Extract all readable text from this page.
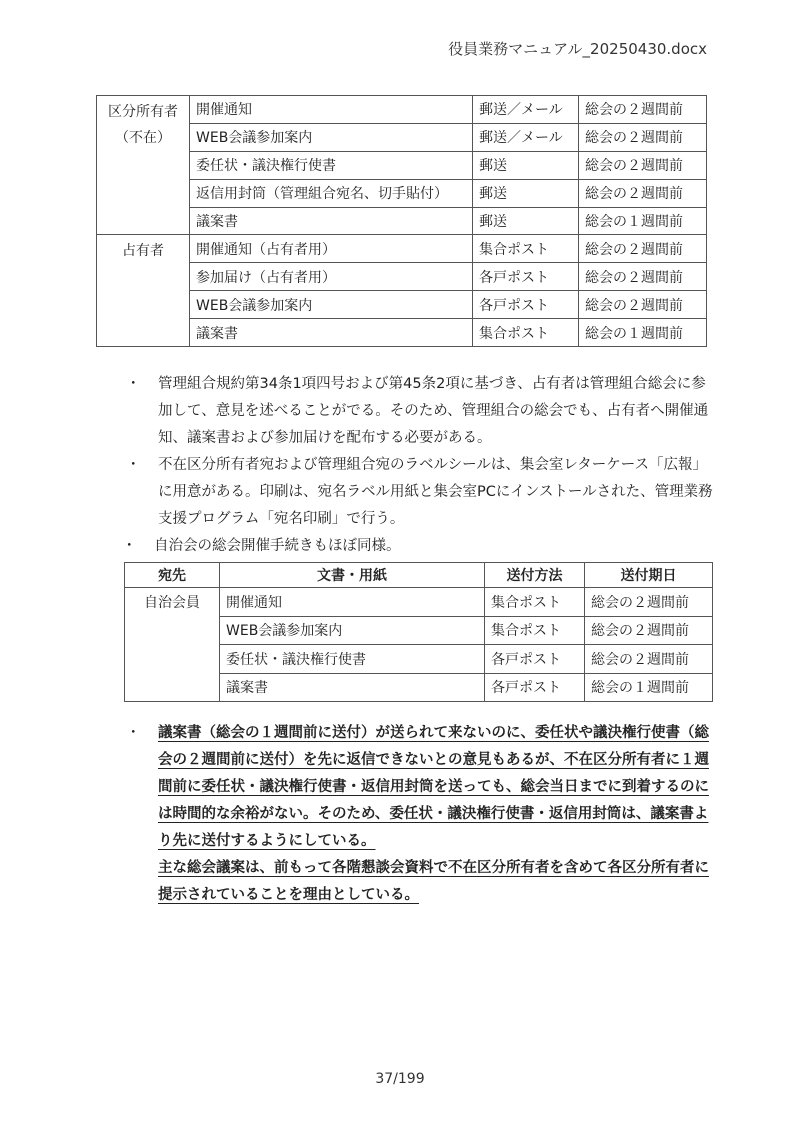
役員業務マニュアル_20250430.docx
区分所有者
（不在）	開催通知	郵送／メール	総会の２週間前
	WEB会議参加案内	郵送／メール	総会の２週間前
	委任状・議決権行使書	郵送	総会の２週間前
	返信用封筒（管理組合宛名、切手貼付）	郵送	総会の２週間前
	議案書	郵送	総会の１週間前
占有者	開催通知（占有者用）	集合ポスト	総会の２週間前
	参加届け（占有者用）	各戸ポスト	総会の２週間前
	WEB会議参加案内	各戸ポスト	総会の２週間前
	議案書	集合ポスト	総会の１週間前
・	管理組合規約第34条1項四号および第45条2項に基づき、占有者は管理組合総会に参加して、意見を述べることがでる。そのため、管理組合の総会でも、占有者へ開催通知、議案書および参加届けを配布する必要がある。
・	不在区分所有者宛および管理組合宛のラベルシールは、集会室レターケース「広報」に用意がある。印刷は、宛名ラベル用紙と集会室PCにインストールされた、管理業務支援プログラム「宛名印刷」で行う。
・	自治会の総会開催手続きもほぼ同様。
宛先	文書・用紙	送付方法	送付期日
自治会員	開催通知	集合ポスト	総会の２週間前
	WEB会議参加案内	集合ポスト	総会の２週間前
	委任状・議決権行使書	各戸ポスト	総会の２週間前
	議案書	各戸ポスト	総会の１週間前
・	議案書（総会の１週間前に送付）が送られて来ないのに、委任状や議決権行使書（総会の２週間前に送付）を先に返信できないとの意見もあるが、不在区分所有者に１週間前に委任状・議決権行使書・返信用封筒を送っても、総会当日までに到着するのには時間的な余裕がない。そのため、委任状・議決権行使書・返信用封筒は、議案書より先に送付するようにしている。
主な総会議案は、前もって各階懇談会資料で不在区分所有者を含めて各区分所有者に提示されていることを理由としている。
37/199
